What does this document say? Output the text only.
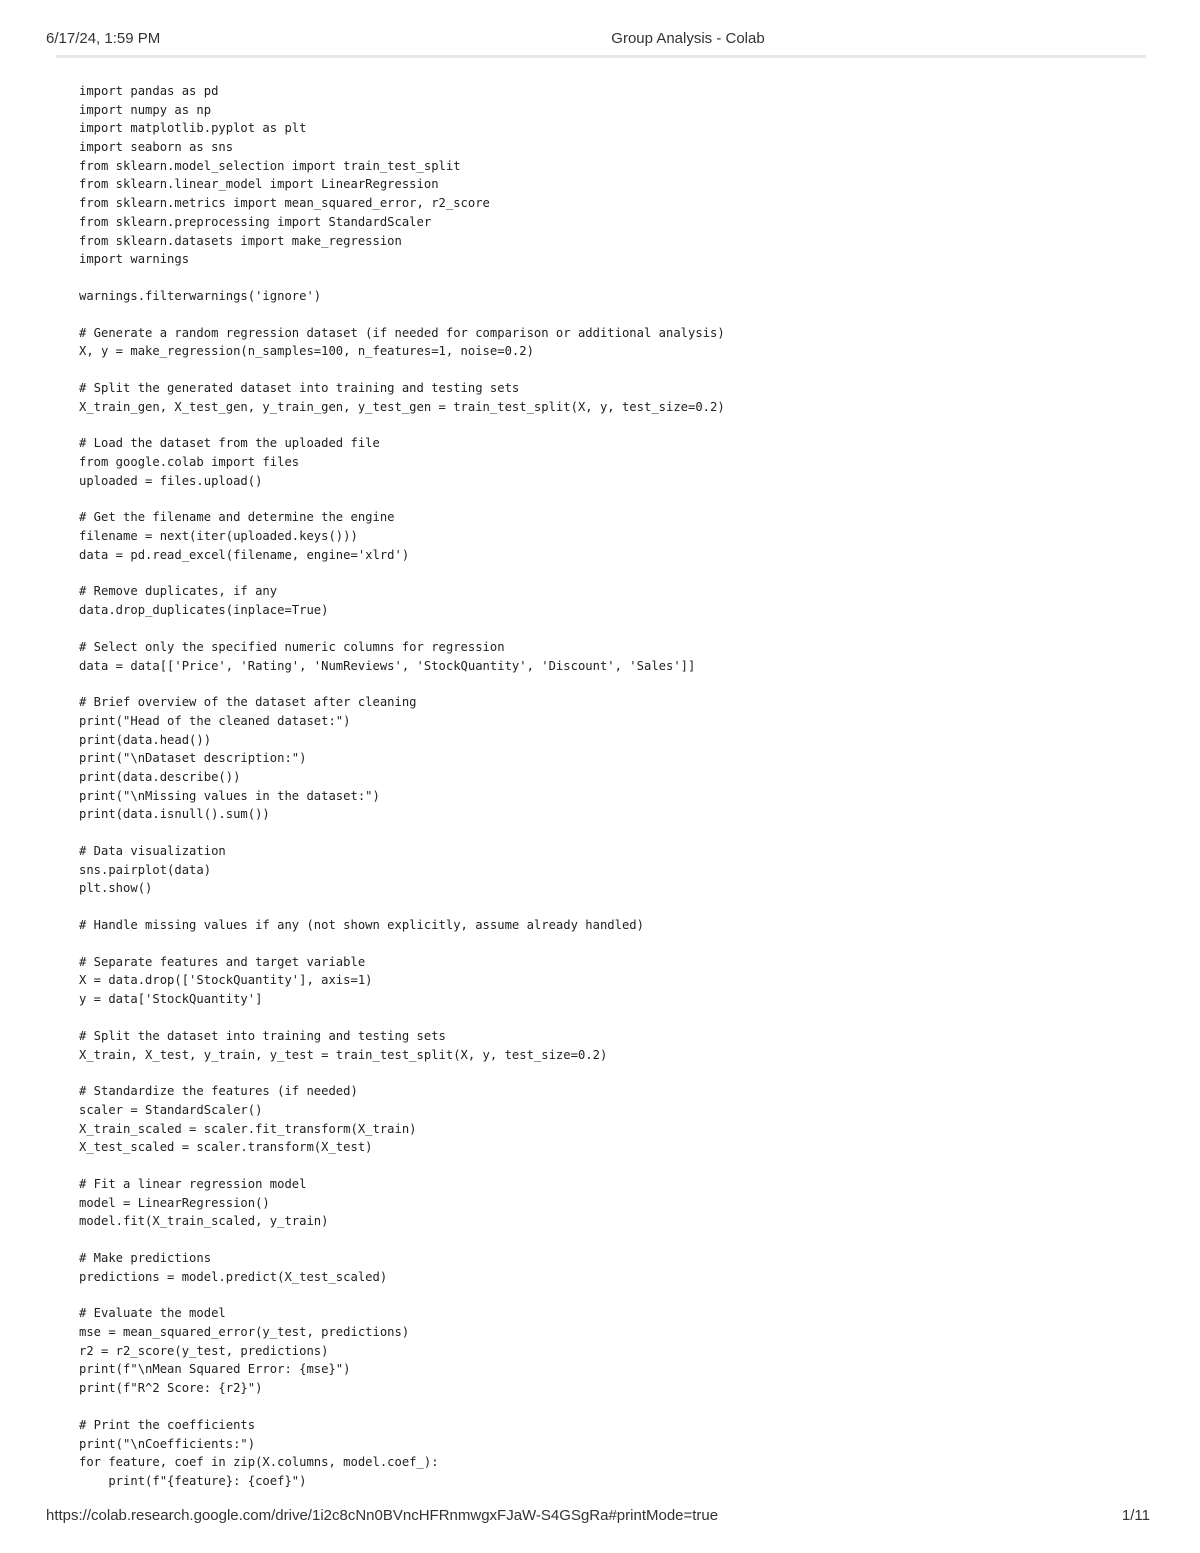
6/17/24, 1:59 PM	Group Analysis - Colab
import pandas as pd
import numpy as np
import matplotlib.pyplot as plt
import seaborn as sns
from sklearn.model_selection import train_test_split
from sklearn.linear_model import LinearRegression
from sklearn.metrics import mean_squared_error, r2_score
from sklearn.preprocessing import StandardScaler
from sklearn.datasets import make_regression
import warnings
warnings.filterwarnings('ignore')
# Generate a random regression dataset (if needed for comparison or additional analysis)
X, y = make_regression(n_samples=100, n_features=1, noise=0.2)
# Split the generated dataset into training and testing sets
X_train_gen, X_test_gen, y_train_gen, y_test_gen = train_test_split(X, y, test_size=0.2)
# Load the dataset from the uploaded file
from google.colab import files
uploaded = files.upload()
# Get the filename and determine the engine
filename = next(iter(uploaded.keys()))
data = pd.read_excel(filename, engine='xlrd')
# Remove duplicates, if any
data.drop_duplicates(inplace=True)
# Select only the specified numeric columns for regression
data = data[['Price', 'Rating', 'NumReviews', 'StockQuantity', 'Discount', 'Sales']]
# Brief overview of the dataset after cleaning
print("Head of the cleaned dataset:")
print(data.head())
print("\nDataset description:")
print(data.describe())
print("\nMissing values in the dataset:")
print(data.isnull().sum())
# Data visualization
sns.pairplot(data)
plt.show()
# Handle missing values if any (not shown explicitly, assume already handled)
# Separate features and target variable
X = data.drop(['StockQuantity'], axis=1)
y = data['StockQuantity']
# Split the dataset into training and testing sets
X_train, X_test, y_train, y_test = train_test_split(X, y, test_size=0.2)
# Standardize the features (if needed)
scaler = StandardScaler()
X_train_scaled = scaler.fit_transform(X_train)
X_test_scaled = scaler.transform(X_test)
# Fit a linear regression model
model = LinearRegression()
model.fit(X_train_scaled, y_train)
# Make predictions
predictions = model.predict(X_test_scaled)
# Evaluate the model
mse = mean_squared_error(y_test, predictions)
r2 = r2_score(y_test, predictions)
print(f"\nMean Squared Error: {mse}")
print(f"R^2 Score: {r2}")
# Print the coefficients
print("\nCoefficients:")
for feature, coef in zip(X.columns, model.coef_):
print(f"{feature}: {coef}")
https://colab.research.google.com/drive/1i2c8cNn0BVncHFRnmwgxFJaW-S4GSgRa#printMode=true	1/11
